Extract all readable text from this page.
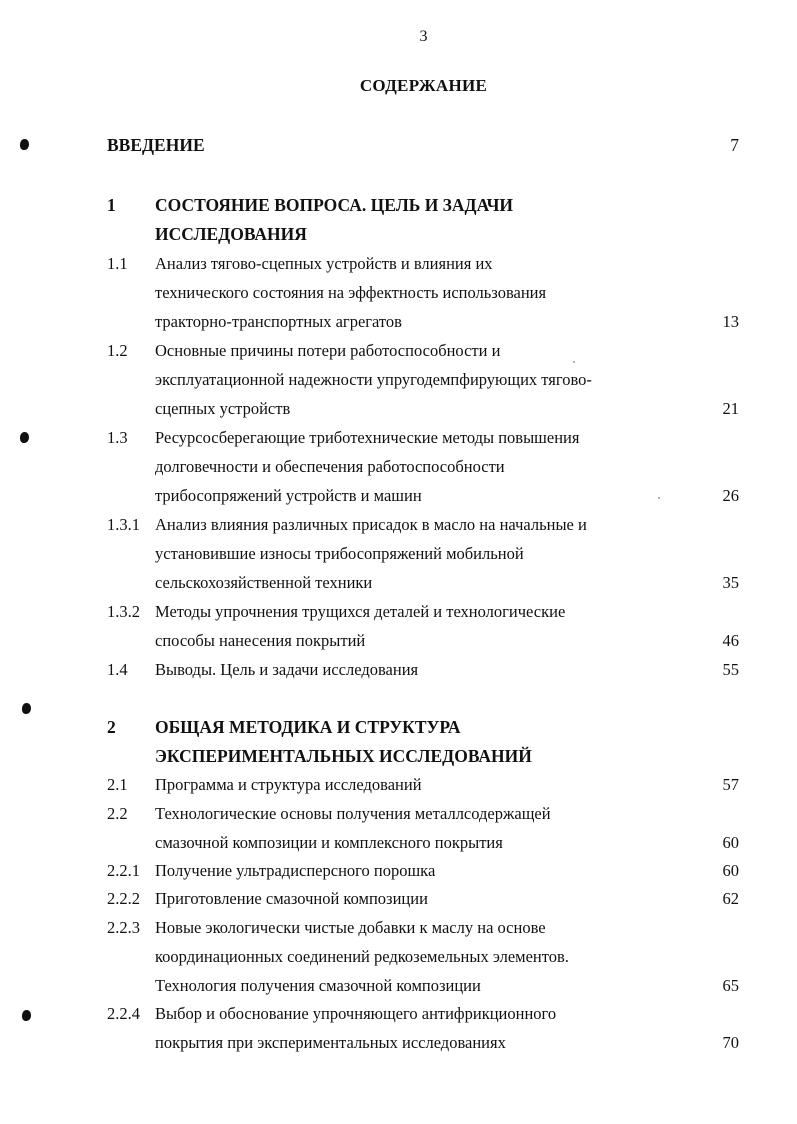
3
СОДЕРЖАНИЕ
ВВЕДЕНИЕ	7
1 СОСТОЯНИЕ ВОПРОСА. ЦЕЛЬ И ЗАДАЧИ
ИССЛЕДОВАНИЯ
1.1 Анализ тягово-сцепных устройств и влияния их
технического состояния на эффектность использования
тракторно-транспортных агрегатов	13
1.2 Основные причины потери работоспособности и
эксплуатационной надежности упругодемпфирующих тягово-
сцепных устройств	21
1.3 Ресурсосберегающие триботехнические методы повышения
долговечности и обеспечения работоспособности
трибосопряжений устройств и машин	26
1.3.1 Анализ влияния различных присадок в масло на начальные и
установившие износы трибосопряжений мобильной
сельскохозяйственной техники	35
1.3.2 Методы упрочнения трущихся деталей и технологические
способы нанесения покрытий	46
1.4 Выводы. Цель и задачи исследования	55
2 ОБЩАЯ МЕТОДИКА И СТРУКТУРА
ЭКСПЕРИМЕНТАЛЬНЫХ ИССЛЕДОВАНИЙ
2.1 Программа и структура исследований	57
2.2 Технологические основы получения металлсодержащей
смазочной композиции и комплексного покрытия	60
2.2.1 Получение ультрадисперсного порошка	60
2.2.2 Приготовление смазочной композиции	62
2.2.3 Новые экологически чистые добавки к маслу на основе
координационных соединений редкоземельных элементов.
Технология получения смазочной композиции	65
2.2.4 Выбор и обоснование упрочняющего антифрикционного
покрытия при экспериментальных исследованиях	70
